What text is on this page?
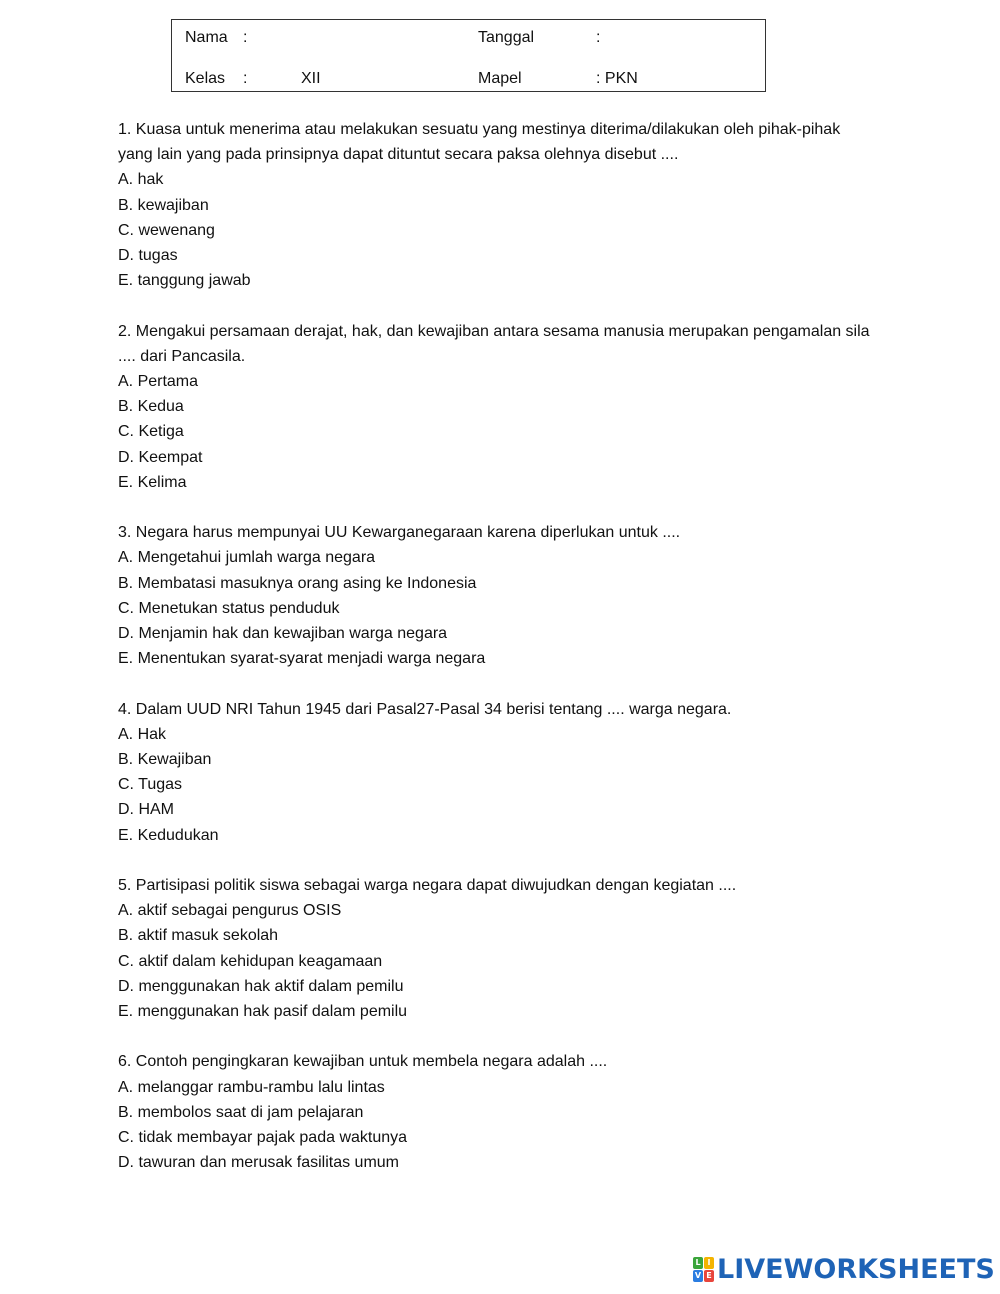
Nama :	Tanggal	:
Kelas :	XII	Mapel	: PKN
1. Kuasa untuk menerima atau melakukan sesuatu yang mestinya diterima/dilakukan oleh pihak-pihak yang lain yang pada prinsipnya dapat dituntut secara paksa olehnya disebut ....
A. hak
B. kewajiban
C. wewenang
D. tugas
E. tanggung jawab
2. Mengakui persamaan derajat, hak, dan kewajiban antara sesama manusia merupakan pengamalan sila .... dari Pancasila.
A. Pertama
B. Kedua
C. Ketiga
D. Keempat
E. Kelima
3. Negara harus mempunyai UU Kewarganegaraan karena diperlukan untuk ....
A. Mengetahui jumlah warga negara
B. Membatasi masuknya orang asing ke Indonesia
C. Menetukan status penduduk
D. Menjamin hak dan kewajiban warga negara
E. Menentukan syarat-syarat menjadi warga negara
4. Dalam UUD NRI Tahun 1945 dari Pasal27-Pasal 34 berisi tentang .... warga negara.
A. Hak
B. Kewajiban
C. Tugas
D. HAM
E. Kedudukan
5. Partisipasi politik siswa sebagai warga negara dapat diwujudkan dengan kegiatan ....
A. aktif sebagai pengurus OSIS
B. aktif masuk sekolah
C. aktif dalam kehidupan keagamaan
D. menggunakan hak aktif dalam pemilu
E. menggunakan hak pasif dalam pemilu
6. Contoh pengingkaran kewajiban untuk membela negara adalah ....
A. melanggar rambu-rambu lalu lintas
B. membolos saat di jam pelajaran
C. tidak membayar pajak pada waktunya
D. tawuran dan merusak fasilitas umum
L I
V E LIVEWORKSHEETS
